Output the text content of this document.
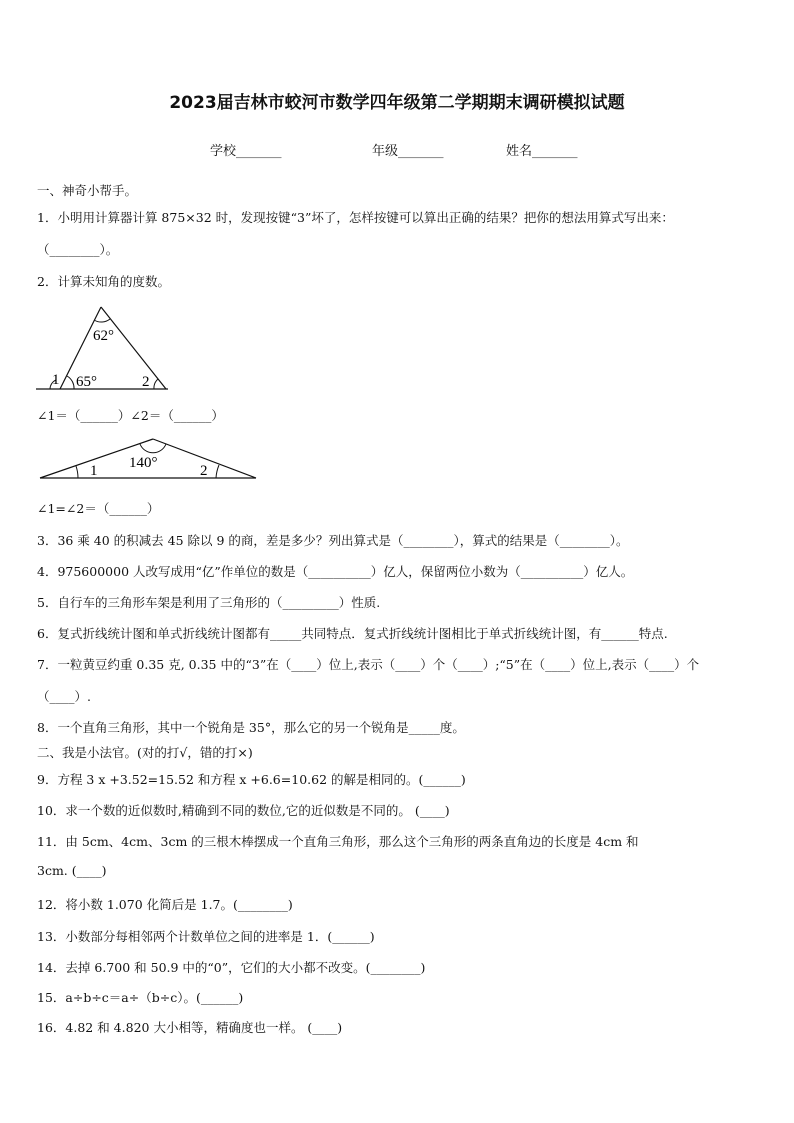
2023届吉林市蛟河市数学四年级第二学期期末调研模拟试题
学校_______	年级_______	姓名_______
一、神奇小帮手。
1．小明用计算器计算 875×32 时，发现按键“3”坏了，怎样按键可以算出正确的结果？把你的想法用算式写出来：
（________）。
2．计算未知角的度数。
62°
1 65°	2
∠1＝（______）∠2＝（______）
140°
1	2
∠1=∠2＝（______）
3．36 乘 40 的积减去 45 除以 9 的商，差是多少？列出算式是（________），算式的结果是（________）。
4．975600000 人改写成用“亿”作单位的数是（__________）亿人，保留两位小数为（__________）亿人。
5．自行车的三角形车架是利用了三角形的（_________）性质.
6．复式折线统计图和单式折线统计图都有_____共同特点．复式折线统计图相比于单式折线统计图，有______特点.
7．一粒黄豆约重 0.35 克, 0.35 中的“3”在（____）位上,表示（____）个（____）;“5”在（____）位上,表示（____）个
（____）.
8．一个直角三角形，其中一个锐角是 35°，那么它的另一个锐角是_____度。
二、我是小法官。(对的打√，错的打×)
9．方程 3 x +3.52=15.52 和方程 x +6.6=10.62 的解是相同的。(______)
10．求一个数的近似数时,精确到不同的数位,它的近似数是不同的。 (____)
11．由 5cm、4cm、3cm 的三根木棒摆成一个直角三角形，那么这个三角形的两条直角边的长度是 4cm 和
3cm. (____)
12．将小数 1.070 化简后是 1.7。(________)
13．小数部分每相邻两个计数单位之间的进率是 1．(______)
14．去掉 6.700 和 50.9 中的“0”，它们的大小都不改变。(________)
15．a÷b÷c＝a÷（b÷c）。(______)
16．4.82 和 4.820 大小相等，精确度也一样。 (____)
